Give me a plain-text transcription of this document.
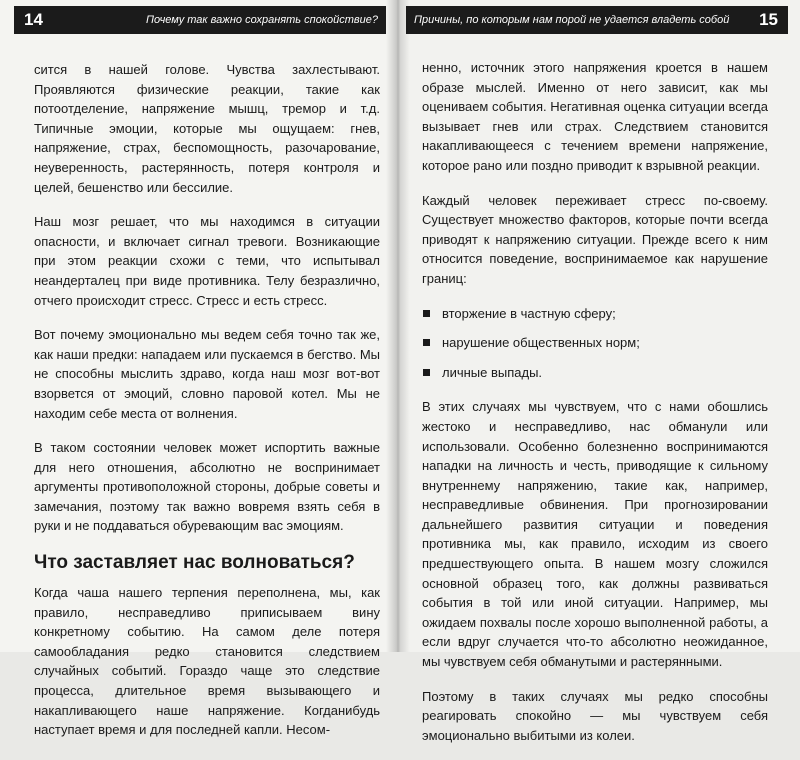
14	Почему так важно сохранять спокойствие?

сится в нашей голове. Чувства захлестывают. Проявляются физические реакции, такие как потоотделение, напряжение мышц, тремор и т.д. Типичные эмоции, которые мы ощущаем: гнев, напряжение, страх, беспомощность, разочарование, неуверенность, растерянность, потеря контроля и целей, бешенство или бессилие.

Наш мозг решает, что мы находимся в ситуации опасности, и включает сигнал тревоги. Возникающие при этом реакции схожи с теми, что испытывал неандерталец при виде противника. Телу безразлично, отчего происходит стресс. Стресс и есть стресс.

Вот почему эмоционально мы ведем себя точно так же, как наши предки: нападаем или пускаемся в бегство. Мы не способны мыслить здраво, когда наш мозг вот-вот взорвется от эмоций, словно паровой котел. Мы не находим себе места от волнения.

В таком состоянии человек может испортить важные для него отношения, абсолютно не воспринимает аргументы противоположной стороны, добрые советы и замечания, поэтому так важно вовремя взять себя в руки и не поддаваться обуревающим вас эмоциям.

Что заставляет нас волноваться?

Когда чаша нашего терпения переполнена, мы, как правило, несправедливо приписываем вину конкретному событию. На самом деле потеря самообладания редко становится следствием случайных событий. Гораздо чаще это следствие процесса, длительное время вызывающего и накапливающего наше напряжение. Когданибудь наступает время и для последней капли. Несом-

Причины, по которым нам порой не удается владеть собой	15

ненно, источник этого напряжения кроется в нашем образе мыслей. Именно от него зависит, как мы оцениваем события. Негативная оценка ситуации всегда вызывает гнев или страх. Следствием становится накапливающееся с течением времени напряжение, которое рано или поздно приводит к взрывной реакции.

Каждый человек переживает стресс по-своему. Существует множество факторов, которые почти всегда приводят к напряжению ситуации. Прежде всего к ним относится поведение, воспринимаемое как нарушение границ:

вторжение в частную сферу;
нарушение общественных норм;
личные выпады.

В этих случаях мы чувствуем, что с нами обошлись жестоко и несправедливо, нас обманули или использовали. Особенно болезненно воспринимаются нападки на личность и честь, приводящие к сильному внутреннему напряжению, такие как, например, несправедливые обвинения. При прогнозировании дальнейшего развития ситуации и поведения противника мы, как правило, исходим из своего предшествующего опыта. В нашем мозгу сложился основной образец того, как должны развиваться события в той или иной ситуации. Например, мы ожидаем похвалы после хорошо выполненной работы, а если вдруг случается что-то абсолютно неожиданное, мы чувствуем себя обманутыми и растерянными.

Поэтому в таких случаях мы редко способны реагировать спокойно — мы чувствуем себя эмоционально выбитыми из колеи.
